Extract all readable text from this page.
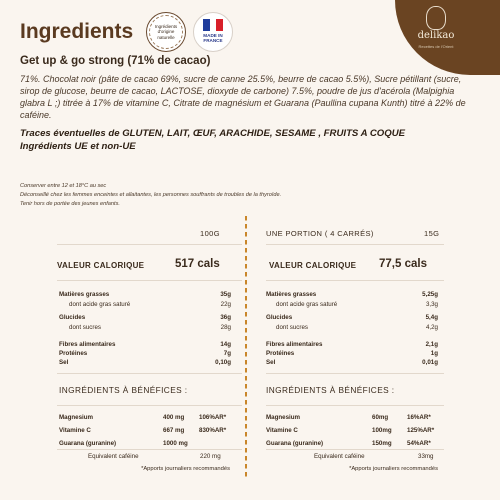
Ingredients	Ingrédients d'origine naturelle	MADE IN FRANCE	delikao
Recettes de l'Orient
Get up & go strong (71% de cacao)
71%. Chocolat noir (pâte de cacao 69%, sucre de canne 25.5%, beurre de cacao 5.5%), Sucre pétillant (sucre, sirop de glucose, beurre de cacao, LACTOSE, dioxyde de carbone) 7.5%, poudre de jus d'acérola (Malpighia glabra L ;) titrée à 17% de vitamine C, Citrate de magnésium et Guarana (Paullina cupana Kunth) titré à 22% de caféine.
Traces éventuelles de GLUTEN, LAIT, ŒUF, ARACHIDE, SESAME , FRUITS A COQUE
Ingrédients UE et non-UE
Conserver entre 12 et 18°C au sec
Déconseillé chez les femmes enceintes et allaitantes, les personnes souffrants de troubles de la thyroïde.
Tenir hors de portée des jeunes enfants.
100G
VALEUR CALORIQUE	517 cals
Matières grasses	35g
dont acide gras saturé	22g
Glucides	36g
dont sucres	28g
Fibres alimentaires	14g
Protéines	7g
Sel	0,10g
INGRÉDIENTS À BÉNÉFICES :
Magnesium	400 mg 106%AR*
Vitamine C	667 mg 830%AR*
Guarana (guranine)	1000 mg
Equivalent caféine	220 mg
*Apports journaliers recommandés
UNE PORTION ( 4 CARRÉS)	15G
VALEUR CALORIQUE 77,5 cals
Matières grasses	5,25g
dont acide gras saturé	3,3g
Glucides	5,4g
dont sucres	4,2g
Fibres alimentaires	2,1g
Protéines	1g
Sel	0,01g
INGRÉDIENTS À BÉNÉFICES :
Magnesium	60mg	16%AR*
Vitamine C	100mg 125%AR*
Guarana (guranine)	150mg 54%AR*
Equivalent caféine	33mg
*Apports journaliers recommandés
